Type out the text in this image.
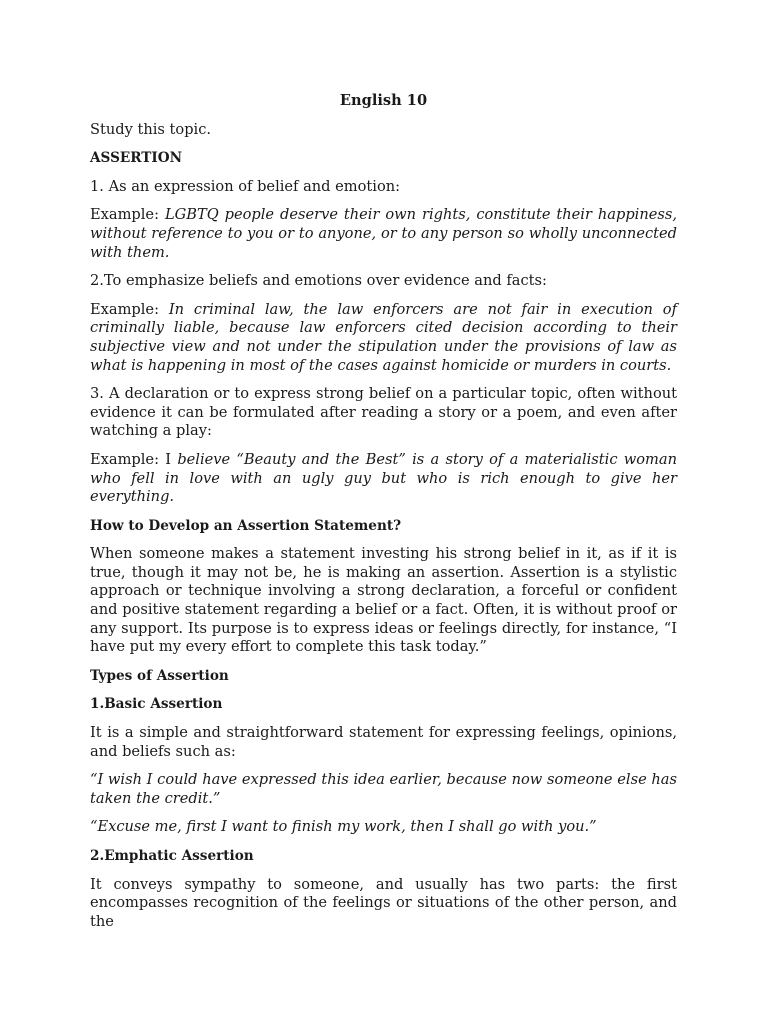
English 10

Study this topic.

ASSERTION

1. As an expression of belief and emotion:

Example: LGBTQ people deserve their own rights, constitute their happiness, without reference to you or to anyone, or to any person so wholly unconnected with them.

2.To emphasize beliefs and emotions over evidence and facts:

Example: In criminal law, the law enforcers are not fair in execution of criminally liable, because law enforcers cited decision according to their subjective view and not under the stipulation under the provisions of law as what is happening in most of the cases against homicide or murders in courts.

3. A declaration or to express strong belief on a particular topic, often without evidence it can be formulated after reading a story or a poem, and even after watching a play:

Example: I believe “Beauty and the Best” is a story of a materialistic woman who fell in love with an ugly guy but who is rich enough to give her everything.

How to Develop an Assertion Statement?

When someone makes a statement investing his strong belief in it, as if it is true, though it may not be, he is making an assertion. Assertion is a stylistic approach or technique involving a strong declaration, a forceful or confident and positive statement regarding a belief or a fact. Often, it is without proof or any support. Its purpose is to express ideas or feelings directly, for instance, “I have put my every effort to complete this task today.”

Types of Assertion
1.Basic Assertion

It is a simple and straightforward statement for expressing feelings, opinions, and beliefs such as:

“I wish I could have expressed this idea earlier, because now someone else has taken the credit.”

“Excuse me, first I want to finish my work, then I shall go with you.”

2.Emphatic Assertion

It conveys sympathy to someone, and usually has two parts: the first encompasses recognition of the feelings or situations of the other person, and the
